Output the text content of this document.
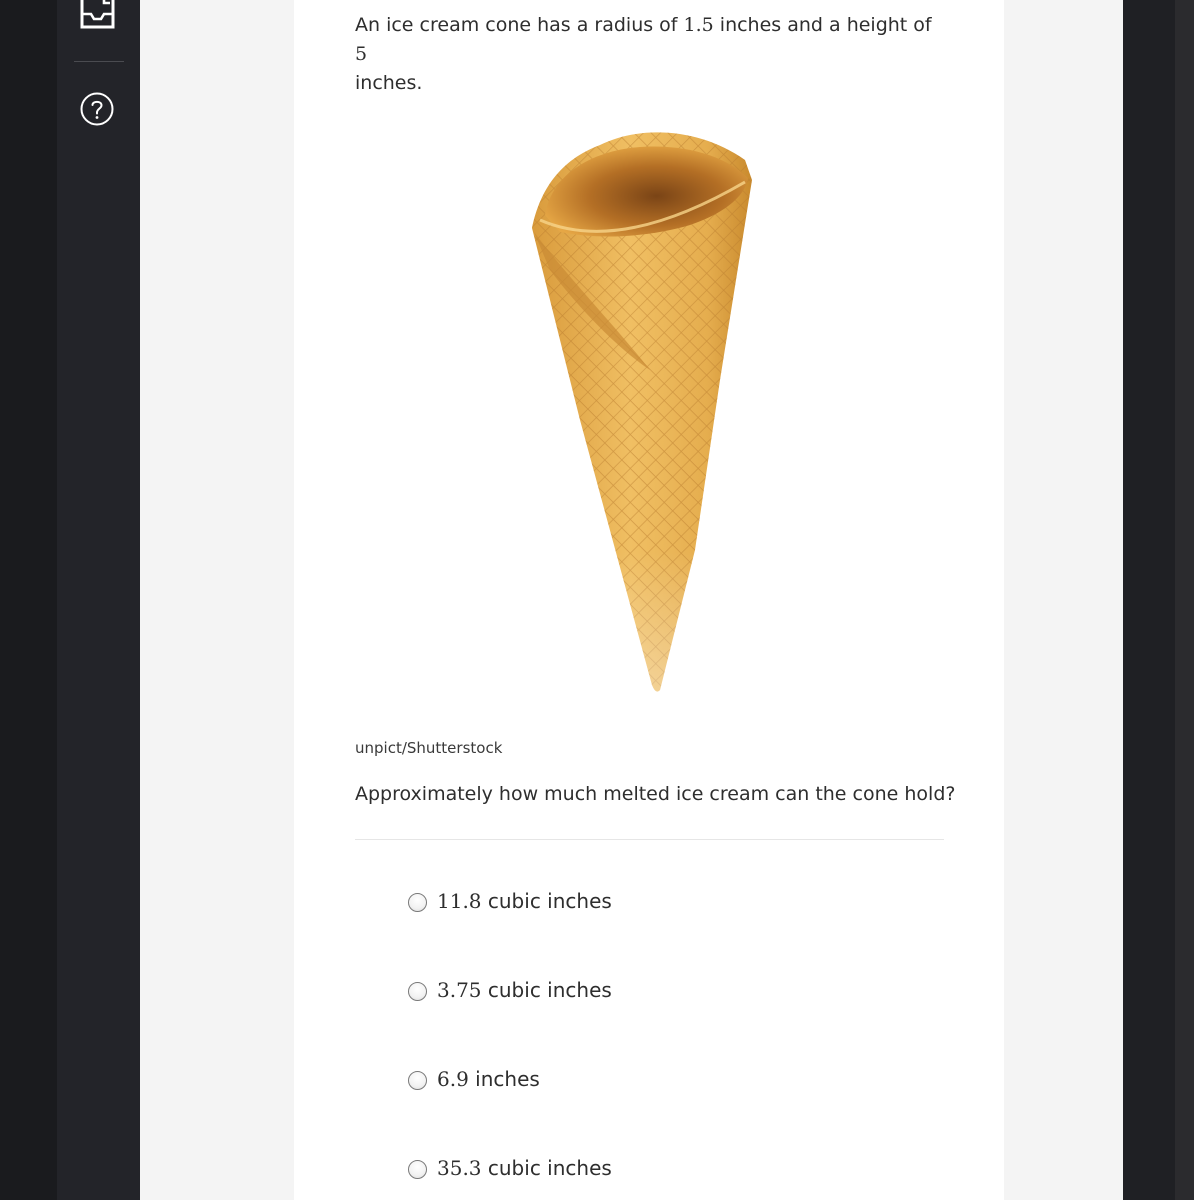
An ice cream cone has a radius of 1.5 inches and a height of 5
inches.

unpict/Shutterstock
Approximately how much melted ice cream can the cone hold?
11.8 cubic inches
3.75 cubic inches
6.9 inches
35.3 cubic inches
